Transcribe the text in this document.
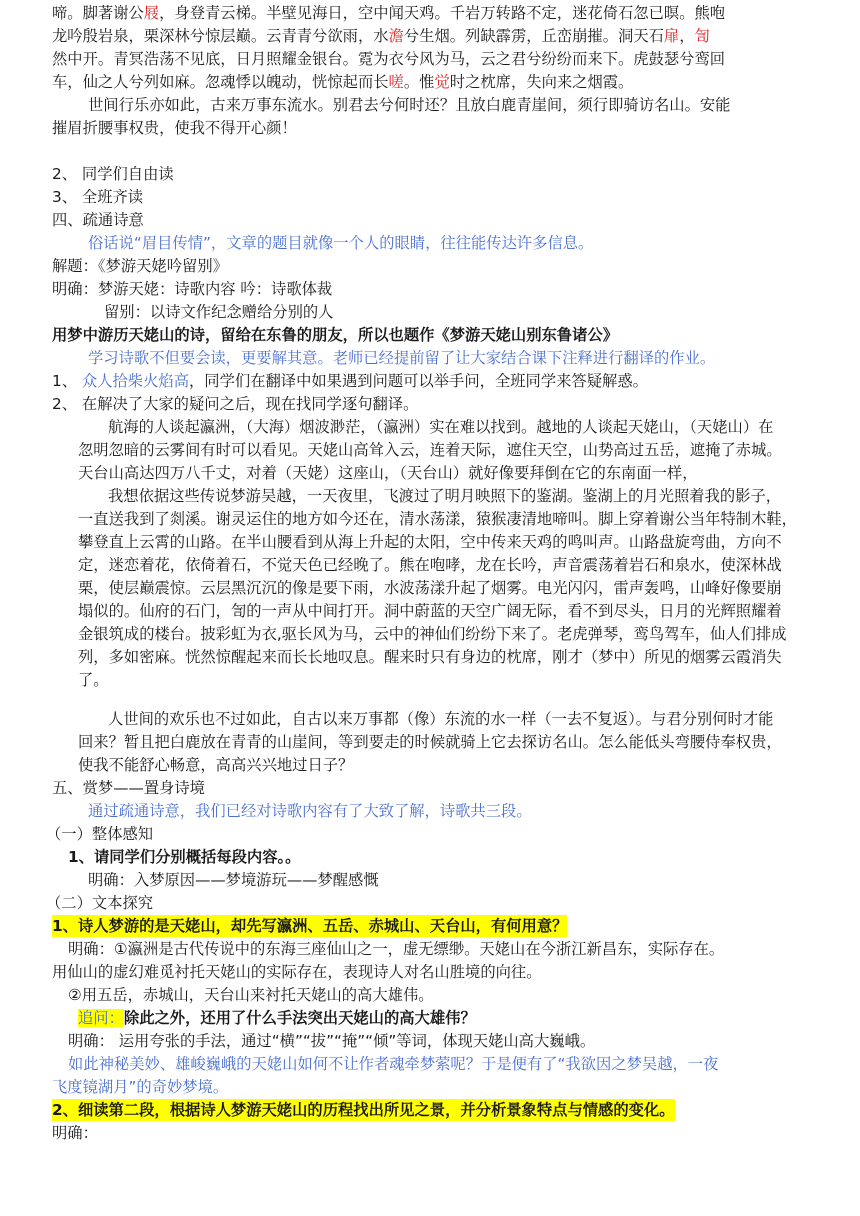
啼。脚著谢公屐，身登青云梯。半壁见海日，空中闻天鸡。千岩万转路不定，迷花倚石忽已暝。熊咆
龙吟殷岩泉，栗深林兮惊层巅。云青青兮欲雨，水澹兮生烟。列缺霹雳，丘峦崩摧。洞天石扉，訇
然中开。青冥浩荡不见底，日月照耀金银台。霓为衣兮风为马，云之君兮纷纷而来下。虎鼓瑟兮鸾回
车，仙之人兮列如麻。忽魂悸以魄动，恍惊起而长嗟。惟觉时之枕席，失向来之烟霞。
世间行乐亦如此，古来万事东流水。别君去兮何时还？且放白鹿青崖间，须行即骑访名山。安能
摧眉折腰事权贵，使我不得开心颜！
2、 同学们自由读
3、 全班齐读
四、疏通诗意
俗话说“眉目传情”，文章的题目就像一个人的眼睛，往往能传达许多信息。
解题：《梦游天姥吟留别》
明确：梦游天姥：诗歌内容 吟：诗歌体裁
留别：以诗文作纪念赠给分别的人
用梦中游历天姥山的诗，留给在东鲁的朋友，所以也题作《梦游天姥山别东鲁诸公》
学习诗歌不但要会读，更要解其意。老师已经提前留了让大家结合课下注释进行翻译的作业。
1、 众人拾柴火焰高，同学们在翻译中如果遇到问题可以举手问，全班同学来答疑解惑。
2、 在解决了大家的疑问之后，现在找同学逐句翻译。
航海的人谈起瀛洲，（大海）烟波渺茫，（瀛洲）实在难以找到。越地的人谈起天姥山，（天姥山）在
忽明忽暗的云雾间有时可以看见。天姥山高耸入云，连着天际，遮住天空，山势高过五岳，遮掩了赤城。
天台山高达四万八千丈，对着（天姥）这座山，（天台山）就好像要拜倒在它的东南面一样，
我想依据这些传说梦游吴越，一天夜里，飞渡过了明月映照下的鉴湖。鉴湖上的月光照着我的影子，
一直送我到了剡溪。谢灵运住的地方如今还在，清水荡漾，猿猴凄清地啼叫。脚上穿着谢公当年特制木鞋，
攀登直上云霄的山路。在半山腰看到从海上升起的太阳，空中传来天鸡的鸣叫声。山路盘旋弯曲，方向不
定，迷恋着花，依倚着石，不觉天色已经晚了。熊在咆哮，龙在长吟，声音震荡着岩石和泉水，使深林战
栗，使层巅震惊。云层黑沉沉的像是要下雨，水波荡漾升起了烟雾。电光闪闪，雷声轰鸣，山峰好像要崩
塌似的。仙府的石门，訇的一声从中间打开。洞中蔚蓝的天空广阔无际，看不到尽头，日月的光辉照耀着
金银筑成的楼台。披彩虹为衣,驱长风为马，云中的神仙们纷纷下来了。老虎弹琴，鸾鸟驾车，仙人们排成
列，多如密麻。恍然惊醒起来而长长地叹息。醒来时只有身边的枕席，刚才（梦中）所见的烟雾云霞消失
了。
人世间的欢乐也不过如此，自古以来万事都（像）东流的水一样（一去不复返）。与君分别何时才能
回来？暂且把白鹿放在青青的山崖间，等到要走的时候就骑上它去探访名山。怎么能低头弯腰侍奉权贵，
使我不能舒心畅意，高高兴兴地过日子？
五、赏梦——置身诗境
通过疏通诗意，我们已经对诗歌内容有了大致了解，诗歌共三段。
（一）整体感知
1、请同学们分别概括每段内容。。
明确：入梦原因——梦境游玩——梦醒感慨
（二）文本探究
1、诗人梦游的是天姥山，却先写瀛洲、五岳、赤城山、天台山，有何用意？
明确：①瀛洲是古代传说中的东海三座仙山之一，虚无缥缈。天姥山在今浙江新昌东，实际存在。
用仙山的虚幻难觅衬托天姥山的实际存在，表现诗人对名山胜境的向往。
②用五岳，赤城山，天台山来衬托天姥山的高大雄伟。
追问：除此之外，还用了什么手法突出天姥山的高大雄伟？
明确： 运用夸张的手法，通过“横”“拔”“掩”“倾”等词，体现天姥山高大巍峨。
如此神秘美妙、雄峻巍峨的天姥山如何不让作者魂牵梦萦呢？于是便有了“我欲因之梦吴越，一夜
飞度镜湖月”的奇妙梦境。
2、细读第二段，根据诗人梦游天姥山的历程找出所见之景，并分析景象特点与情感的变化。
明确：
